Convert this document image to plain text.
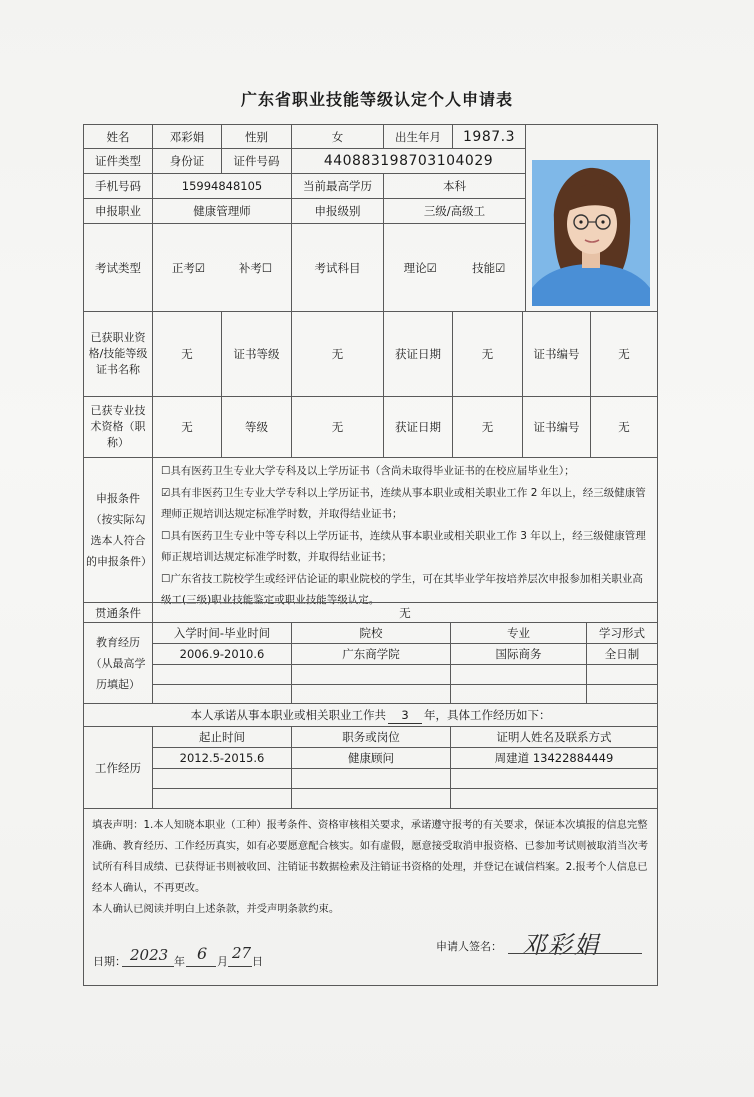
广东省职业技能等级认定个人申请表
姓名	邓彩娟	性别	女	出生年月	1987.3
证件类型	身份证	证件号码	440883198703104029
手机号码	15994848105	当前最高学历	本科
申报职业	健康管理师	申报级别	三级/高级工
考试类型	正考☑	补考☐	考试科目	理论☑	技能☑
已获职业资格/技能等级证书名称
无	证书等级	无	获证日期	无	证书编号	无
已获专业技术资格（职称）
无	等级	无	获证日期	无	证书编号	无
申报条件（按实际勾选本人符合的申报条件）
☐具有医药卫生专业大学专科及以上学历证书（含尚未取得毕业证书的在校应届毕业生）；
☑具有非医药卫生专业大学专科以上学历证书，连续从事本职业或相关职业工作 2 年以上，经三级健康管理师正规培训达规定标准学时数，并取得结业证书；
☐具有医药卫生专业中等专科以上学历证书，连续从事本职业或相关职业工作 3 年以上，经三级健康管理师正规培训达规定标准学时数，并取得结业证书；
☐广东省技工院校学生或经评估论证的职业院校的学生，可在其毕业学年按培养层次申报参加相关职业高级工(三级)职业技能鉴定或职业技能等级认定。
贯通条件	无
教育经历（从最高学历填起）
入学时间-毕业时间	院校	专业	学习形式
2006.9-2010.6	广东商学院	国际商务	全日制
本人承诺从事本职业或相关职业工作共	3	年，具体工作经历如下：
工作经历
起止时间	职务或岗位	证明人姓名及联系方式
2012.5-2015.6	健康顾问	周建道 13422884449
填表声明：1.本人知晓本职业（工种）报考条件、资格审核相关要求，承诺遵守报考的有关要求，保证本次填报的信息完整准确、教育经历、工作经历真实，如有必要愿意配合核实。如有虚假，愿意接受取消申报资格、已参加考试则被取消当次考试所有科目成绩、已获得证书则被收回、注销证书数据检索及注销证书资格的处理，并登记在诚信档案。2.报考个人信息已经本人确认，不再更改。
本人确认已阅读并明白上述条款，并受声明条款约束。
申请人签名： 邓彩娟
日期： 2023 年 6 月 27 日
